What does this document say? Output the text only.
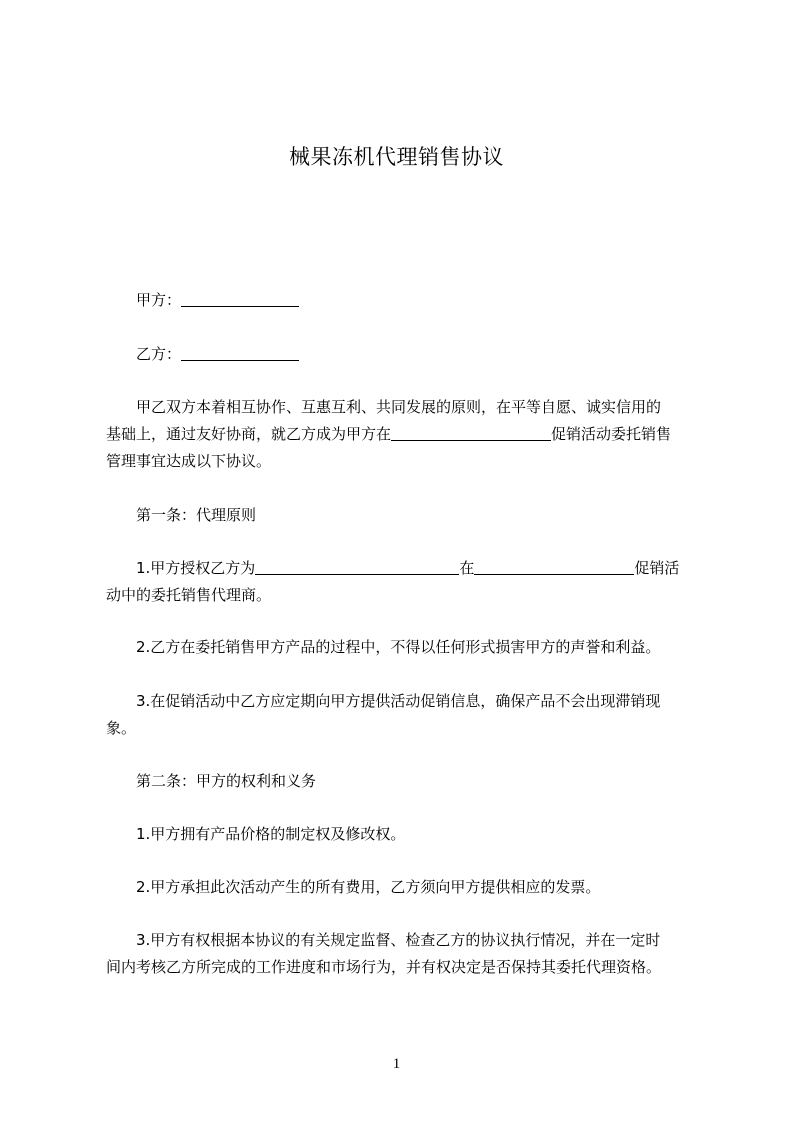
械果冻机代理销售协议
甲方：
乙方：
甲乙双方本着相互协作、互惠互利、共同发展的原则，在平等自愿、诚实信用的
基础上，通过友好协商，就乙方成为甲方在	促销活动委托销售
管理事宜达成以下协议。
第一条：代理原则
1.甲方授权乙方为	在	促销活
动中的委托销售代理商。
2.乙方在委托销售甲方产品的过程中，不得以任何形式损害甲方的声誉和利益。
3.在促销活动中乙方应定期向甲方提供活动促销信息，确保产品不会出现滞销现
象。
第二条：甲方的权利和义务
1.甲方拥有产品价格的制定权及修改权。
2.甲方承担此次活动产生的所有费用，乙方须向甲方提供相应的发票。
3.甲方有权根据本协议的有关规定监督、检查乙方的协议执行情况，并在一定时
间内考核乙方所完成的工作进度和市场行为，并有权决定是否保持其委托代理资格。
1
